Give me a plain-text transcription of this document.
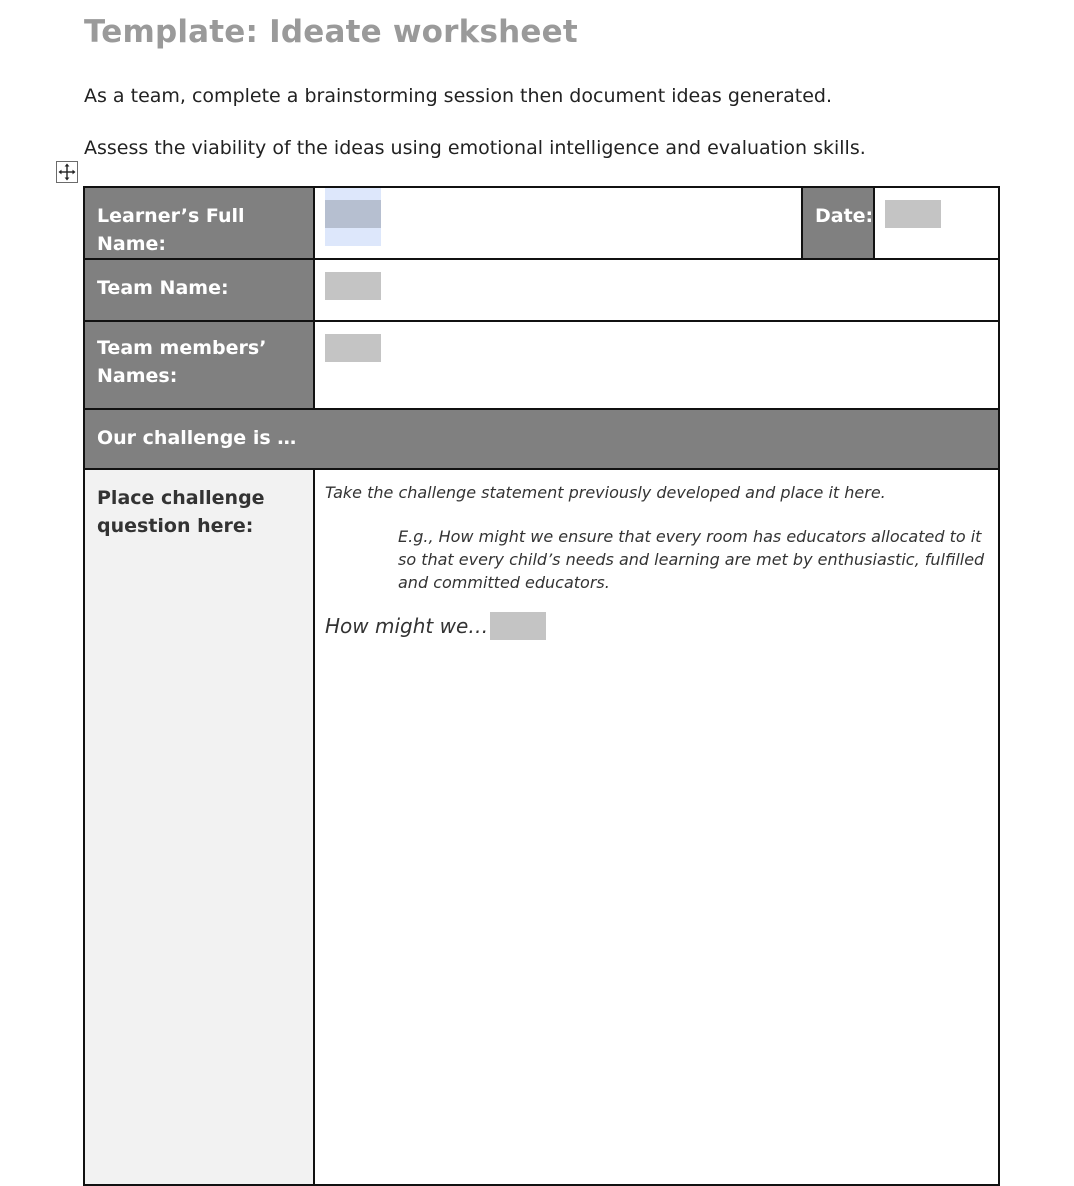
Template: Ideate worksheet
As a team, complete a brainstorming session then document ideas generated.
Assess the viability of the ideas using emotional intelligence and evaluation skills.
Learner’s Full Name:		Date:	

Team Name:			

Team members’ Names:			

Our challenge is …			
Place challenge question here:	Take the challenge statement previously developed and place it here.
E.g., How might we ensure that every room has educators allocated to it so that every child’s needs and learning are met by enthusiastic, fulfilled and committed educators.
How might we…		
